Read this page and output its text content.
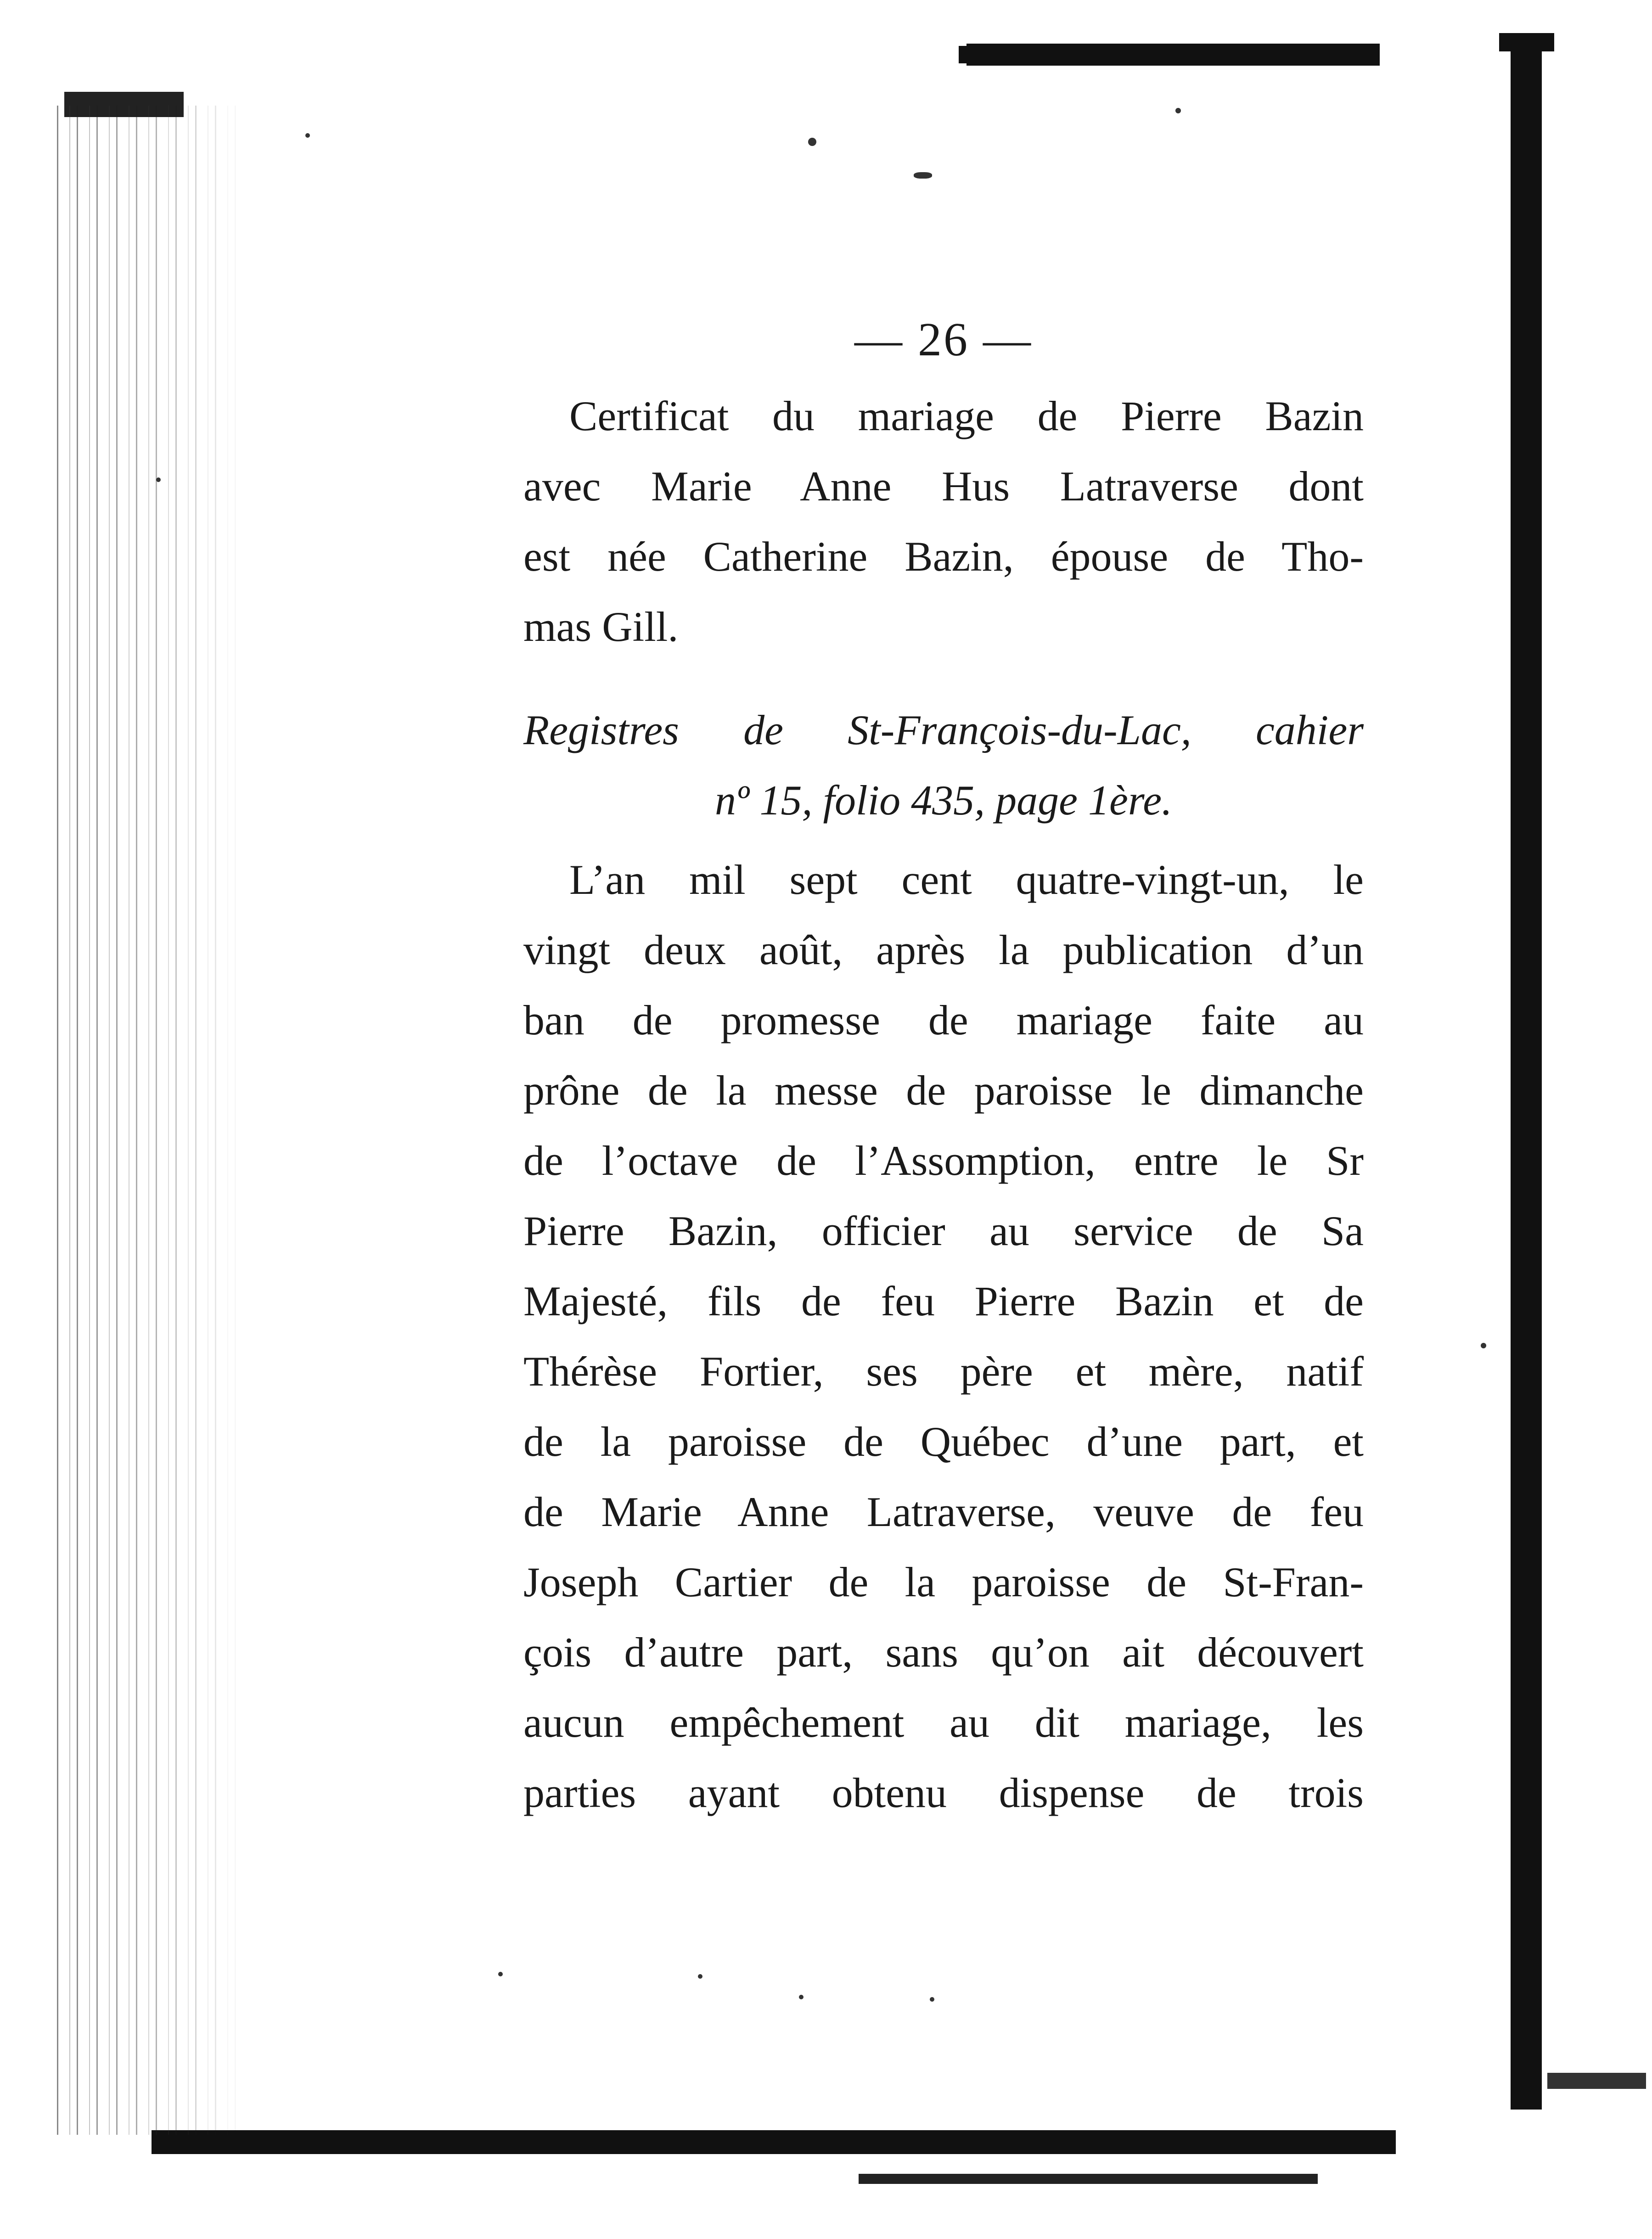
— 26 —
Certificat du mariage de Pierre Bazin
avec Marie Anne Hus Latraverse dont
est née Catherine Bazin, épouse de Tho-
mas Gill.
Registres de St-François-du-Lac, cahier
nº 15, folio 435, page 1ère.
L’an mil sept cent quatre-vingt-un, le
vingt deux août, après la publication d’un
ban de promesse de mariage faite au
prône de la messe de paroisse le dimanche
de l’octave de l’Assomption, entre le Sr
Pierre Bazin, officier au service de Sa
Majesté, fils de feu Pierre Bazin et de
Thérèse Fortier, ses père et mère, natif
de la paroisse de Québec d’une part, et
de Marie Anne Latraverse, veuve de feu
Joseph Cartier de la paroisse de St-Fran-
çois d’autre part, sans qu’on ait découvert
aucun empêchement au dit mariage, les
parties ayant obtenu dispense de trois
